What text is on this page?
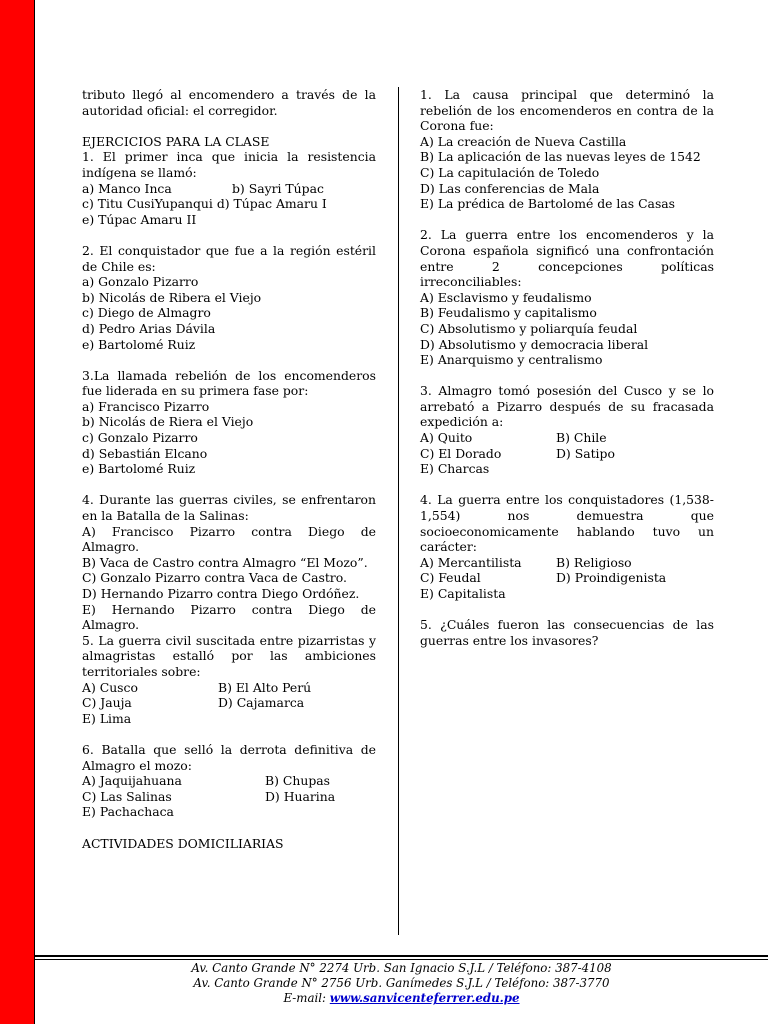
tributo llegó al encomendero a través de la autoridad oficial: el corregidor.

EJERCICIOS PARA LA CLASE

1. El primer inca que inicia la resistencia indígena se llamó:

a) Manco Inca	b) Sayri Túpac

c) Titu CusiYupanqui d) Túpac Amaru I

e) Túpac Amaru II

2. El conquistador que fue a la región estéril de Chile es:

a) Gonzalo Pizarro

b) Nicolás de Ribera el Viejo

c) Diego de Almagro

d) Pedro Arias Dávila

e) Bartolomé Ruiz

3.La llamada rebelión de los encomenderos fue liderada en su primera fase por:

a) Francisco Pizarro

b) Nicolás de Riera el Viejo

c) Gonzalo Pizarro

d) Sebastián Elcano

e) Bartolomé Ruiz

4. Durante las guerras civiles, se enfrentaron en la Batalla de la Salinas:

A) Francisco Pizarro contra Diego de Almagro.

B) Vaca de Castro contra Almagro “El Mozo”.

C) Gonzalo Pizarro contra Vaca de Castro.

D) Hernando Pizarro contra Diego Ordóñez.

E) Hernando Pizarro contra Diego de Almagro.

5. La guerra civil suscitada entre pizarristas y almagristas estalló por las ambiciones territoriales sobre:

A) Cusco	B) El Alto Perú
C) Jauja	D) Cajamarca

E) Lima

6. Batalla que selló la derrota definitiva de Almagro el mozo:

A) Jaquijahuana	B) Chupas
C) Las Salinas	D) Huarina

E) Pachachaca

ACTIVIDADES DOMICILIARIAS

1. La causa principal que determinó la rebelión de los encomenderos en contra de la Corona fue:

A) La creación de Nueva Castilla

B) La aplicación de las nuevas leyes de 1542

C) La capitulación de Toledo

D) Las conferencias de Mala

E) La prédica de Bartolomé de las Casas

2. La guerra entre los encomenderos y la Corona española significó una confrontación entre 2 concepciones políticas irreconciliables:

A) Esclavismo y feudalismo

B) Feudalismo y capitalismo

C) Absolutismo y poliarquía feudal

D) Absolutismo y democracia liberal

E) Anarquismo y centralismo

3. Almagro tomó posesión del Cusco y se lo arrebató a Pizarro después de su fracasada expedición a:

A) Quito	B) Chile
C) El Dorado	D) Satipo

E) Charcas

4. La guerra entre los conquistadores (1,538-1,554) nos demuestra que socioeconomicamente hablando tuvo un carácter:

A) Mercantilista	B) Religioso
C) Feudal	D) Proindigenista

E) Capitalista

5. ¿Cuáles fueron las consecuencias de las guerras entre los invasores?

Av. Canto Grande N° 2274 Urb. San Ignacio S.J.L / Teléfono: 387-4108
Av. Canto Grande N° 2756 Urb. Ganímedes S.J.L / Teléfono: 387-3770
E-mail: www.sanvicenteferrer.edu.pe
